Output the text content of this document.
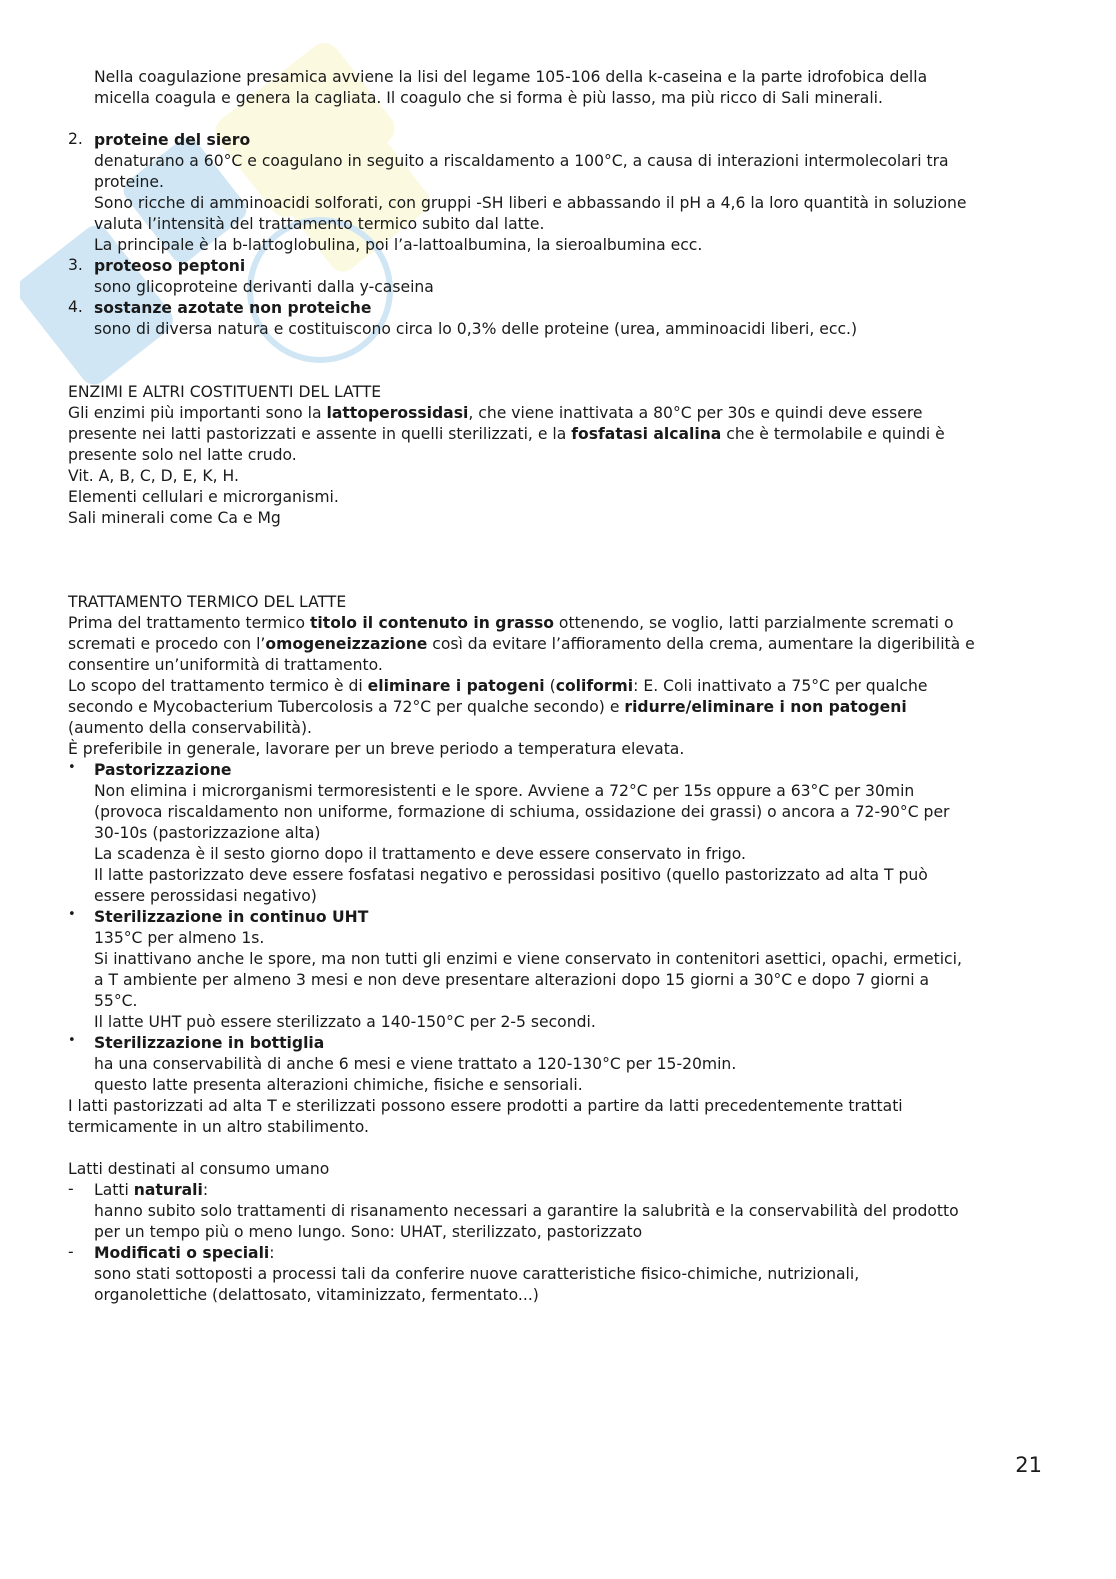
Nella coagulazione presamica avviene la lisi del legame 105-106 della k-caseina e la parte idrofobica della
micella coagula e genera la cagliata. Il coagulo che si forma è più lasso, ma più ricco di Sali minerali.
2. proteine del siero
denaturano a 60°C e coagulano in seguito a riscaldamento a 100°C, a causa di interazioni intermolecolari tra
proteine.
Sono ricche di amminoacidi solforati, con gruppi -SH liberi e abbassando il pH a 4,6 la loro quantità in soluzione
valuta l’intensità del trattamento termico subito dal latte.
La principale è la b-lattoglobulina, poi l’a-lattoalbumina, la sieroalbumina ecc.
3. proteoso peptoni
sono glicoproteine derivanti dalla y-caseina
4. sostanze azotate non proteiche
sono di diversa natura e costituiscono circa lo 0,3% delle proteine (urea, amminoacidi liberi, ecc.)
ENZIMI E ALTRI COSTITUENTI DEL LATTE
Gli enzimi più importanti sono la lattoperossidasi, che viene inattivata a 80°C per 30s e quindi deve essere
presente nei latti pastorizzati e assente in quelli sterilizzati, e la fosfatasi alcalina che è termolabile e quindi è
presente solo nel latte crudo.
Vit. A, B, C, D, E, K, H.
Elementi cellulari e microrganismi.
Sali minerali come Ca e Mg
TRATTAMENTO TERMICO DEL LATTE
Prima del trattamento termico titolo il contenuto in grasso ottenendo, se voglio, latti parzialmente scremati o
scremati e procedo con l’omogeneizzazione così da evitare l’affioramento della crema, aumentare la digeribilità e
consentire un’uniformità di trattamento.
Lo scopo del trattamento termico è di eliminare i patogeni (coliformi: E. Coli inattivato a 75°C per qualche
secondo e Mycobacterium Tubercolosis a 72°C per qualche secondo) e ridurre/eliminare i non patogeni
(aumento della conservabilità).
È preferibile in generale, lavorare per un breve periodo a temperatura elevata.
• Pastorizzazione
Non elimina i microrganismi termoresistenti e le spore. Avviene a 72°C per 15s oppure a 63°C per 30min
(provoca riscaldamento non uniforme, formazione di schiuma, ossidazione dei grassi) o ancora a 72-90°C per
30-10s (pastorizzazione alta)
La scadenza è il sesto giorno dopo il trattamento e deve essere conservato in frigo.
Il latte pastorizzato deve essere fosfatasi negativo e perossidasi positivo (quello pastorizzato ad alta T può
essere perossidasi negativo)
• Sterilizzazione in continuo UHT
135°C per almeno 1s.
Si inattivano anche le spore, ma non tutti gli enzimi e viene conservato in contenitori asettici, opachi, ermetici,
a T ambiente per almeno 3 mesi e non deve presentare alterazioni dopo 15 giorni a 30°C e dopo 7 giorni a
55°C.
Il latte UHT può essere sterilizzato a 140-150°C per 2-5 secondi.
• Sterilizzazione in bottiglia
ha una conservabilità di anche 6 mesi e viene trattato a 120-130°C per 15-20min.
questo latte presenta alterazioni chimiche, fisiche e sensoriali.
I latti pastorizzati ad alta T e sterilizzati possono essere prodotti a partire da latti precedentemente trattati
termicamente in un altro stabilimento.
Latti destinati al consumo umano
- Latti naturali:
hanno subito solo trattamenti di risanamento necessari a garantire la salubrità e la conservabilità del prodotto
per un tempo più o meno lungo. Sono: UHAT, sterilizzato, pastorizzato
- Modificati o speciali:
sono stati sottoposti a processi tali da conferire nuove caratteristiche fisico-chimiche, nutrizionali,
organolettiche (delattosato, vitaminizzato, fermentato...)
21
